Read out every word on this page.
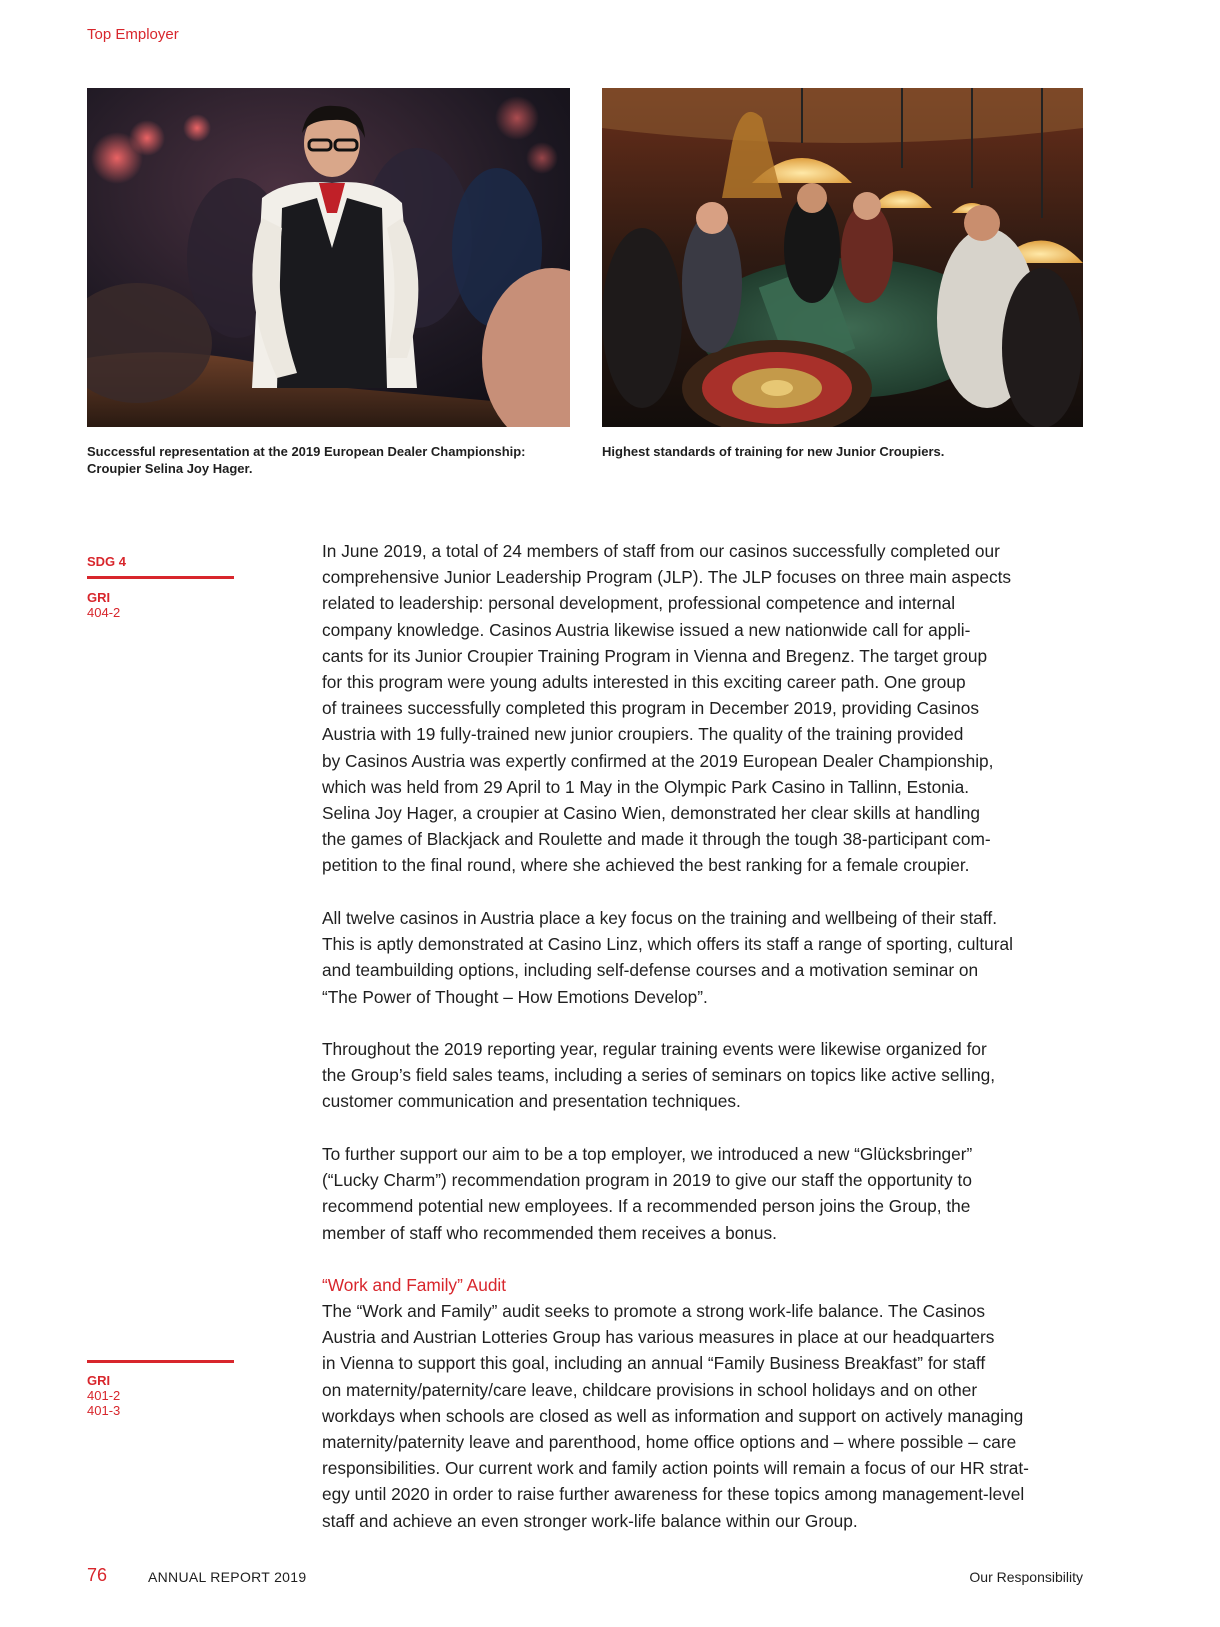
Top Employer
Successful representation at the 2019 European Dealer Championship:
Croupier Selina Joy Hager.
Highest standards of training for new Junior Croupiers.
SDG 4
GRI
404-2
GRI
401-2
401-3
In June 2019, a total of 24 members of staff from our casinos successfully completed our
comprehensive Junior Leadership Program (JLP). The JLP focuses on three main aspects
related to leadership: personal development, professional competence and internal
company knowledge. Casinos Austria likewise issued a new nationwide call for appli-
cants for its Junior Croupier Training Program in Vienna and Bregenz. The target group
for this program were young adults interested in this exciting career path. One group
of trainees successfully completed this program in December 2019, providing Casinos
Austria with 19 fully-trained new junior croupiers. The quality of the training provided
by Casinos Austria was expertly confirmed at the 2019 European Dealer Championship,
which was held from 29 April to 1 May in the Olympic Park Casino in Tallinn, Estonia.
Selina Joy Hager, a croupier at Casino Wien, demonstrated her clear skills at handling
the games of Blackjack and Roulette and made it through the tough 38-participant com-
petition to the final round, where she achieved the best ranking for a female croupier.
All twelve casinos in Austria place a key focus on the training and wellbeing of their staff.
This is aptly demonstrated at Casino Linz, which offers its staff a range of sporting, cultural
and teambuilding options, including self-defense courses and a motivation seminar on
“The Power of Thought – How Emotions Develop”.
Throughout the 2019 reporting year, regular training events were likewise organized for
the Group’s field sales teams, including a series of seminars on topics like active selling,
customer communication and presentation techniques.
To further support our aim to be a top employer, we introduced a new “Glücksbringer”
(“Lucky Charm”) recommendation program in 2019 to give our staff the opportunity to
recommend potential new employees. If a recommended person joins the Group, the
member of staff who recommended them receives a bonus.
“Work and Family” Audit
The “Work and Family” audit seeks to promote a strong work-life balance. The Casinos
Austria and Austrian Lotteries Group has various measures in place at our headquarters
in Vienna to support this goal, including an annual “Family Business Breakfast” for staff
on maternity/paternity/care leave, childcare provisions in school holidays and on other
workdays when schools are closed as well as information and support on actively managing
maternity/paternity leave and parenthood, home office options and – where possible – care
responsibilities. Our current work and family action points will remain a focus of our HR strat-
egy until 2020 in order to raise further awareness for these topics among management-level
staff and achieve an even stronger work-life balance within our Group.
76	ANNUAL REPORT 2019	Our Responsibility
